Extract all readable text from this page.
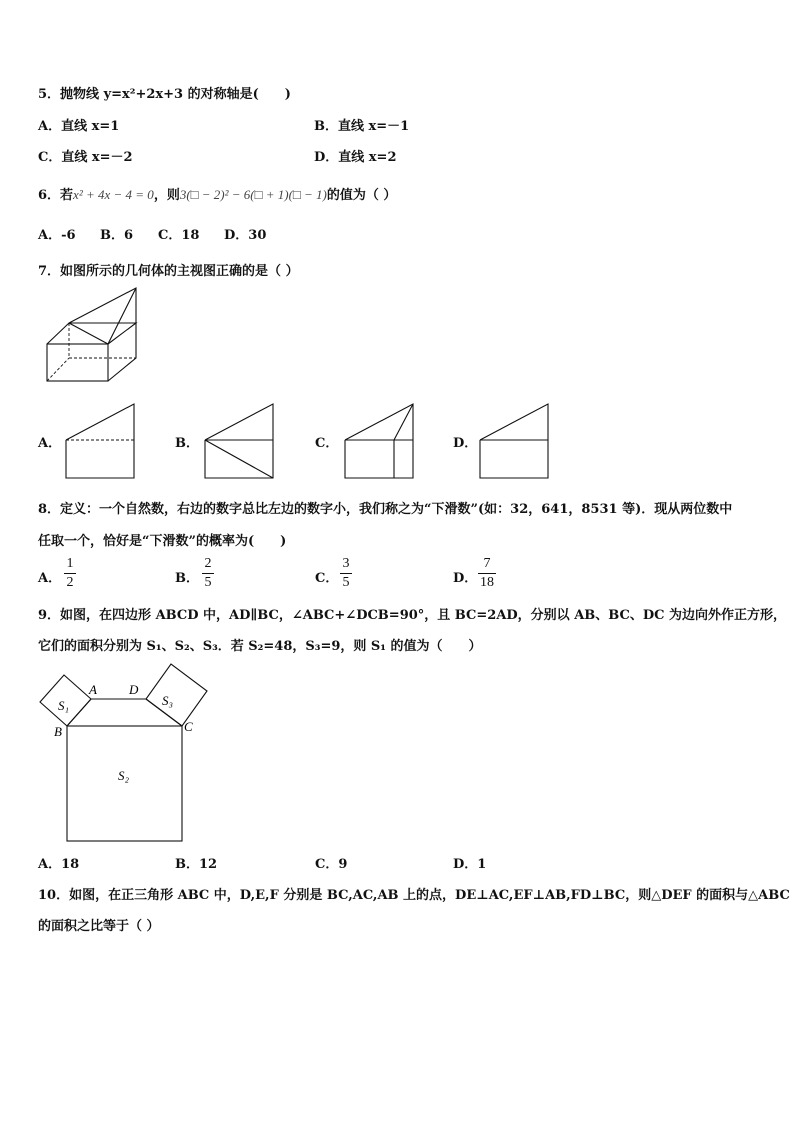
5．抛物线 y=x²+2x+3 的对称轴是(　　)
A．直线 x=1	B．直线 x=－1
C．直线 x=－2	D．直线 x=2
6．若x² + 4x − 4 = 0，则3(□ − 2)² − 6(□ + 1)(□ − 1)的值为（ ）
A．-6 B．6 C．18 D．30
7．如图所示的几何体的主视图正确的是（ ）
A．	B．	C．	D．
8．定义：一个自然数，右边的数字总比左边的数字小，我们称之为“下滑数”(如：32，641，8531 等)．现从两位数中
任取一个，恰好是“下滑数”的概率为(　　)
A．
1
2	B．
2
5	C．
3
5	D．
7
18
9．如图，在四边形 ABCD 中，AD∥BC，∠ABC+∠DCB=90°，且 BC=2AD，分别以 AB、BC、DC 为边向外作正方形，
它们的面积分别为 S₁、S₂、S₃．若 S₂=48，S₃=9，则 S₁ 的值为（　　）
S₁	S₃
S₂
A D
B	C
A．18	B．12	C．9	D．1
10．如图，在正三角形 ABC 中，D,E,F 分别是 BC,AC,AB 上的点，DE⊥AC,EF⊥AB,FD⊥BC，则△DEF 的面积与△ABC
的面积之比等于（ ）
